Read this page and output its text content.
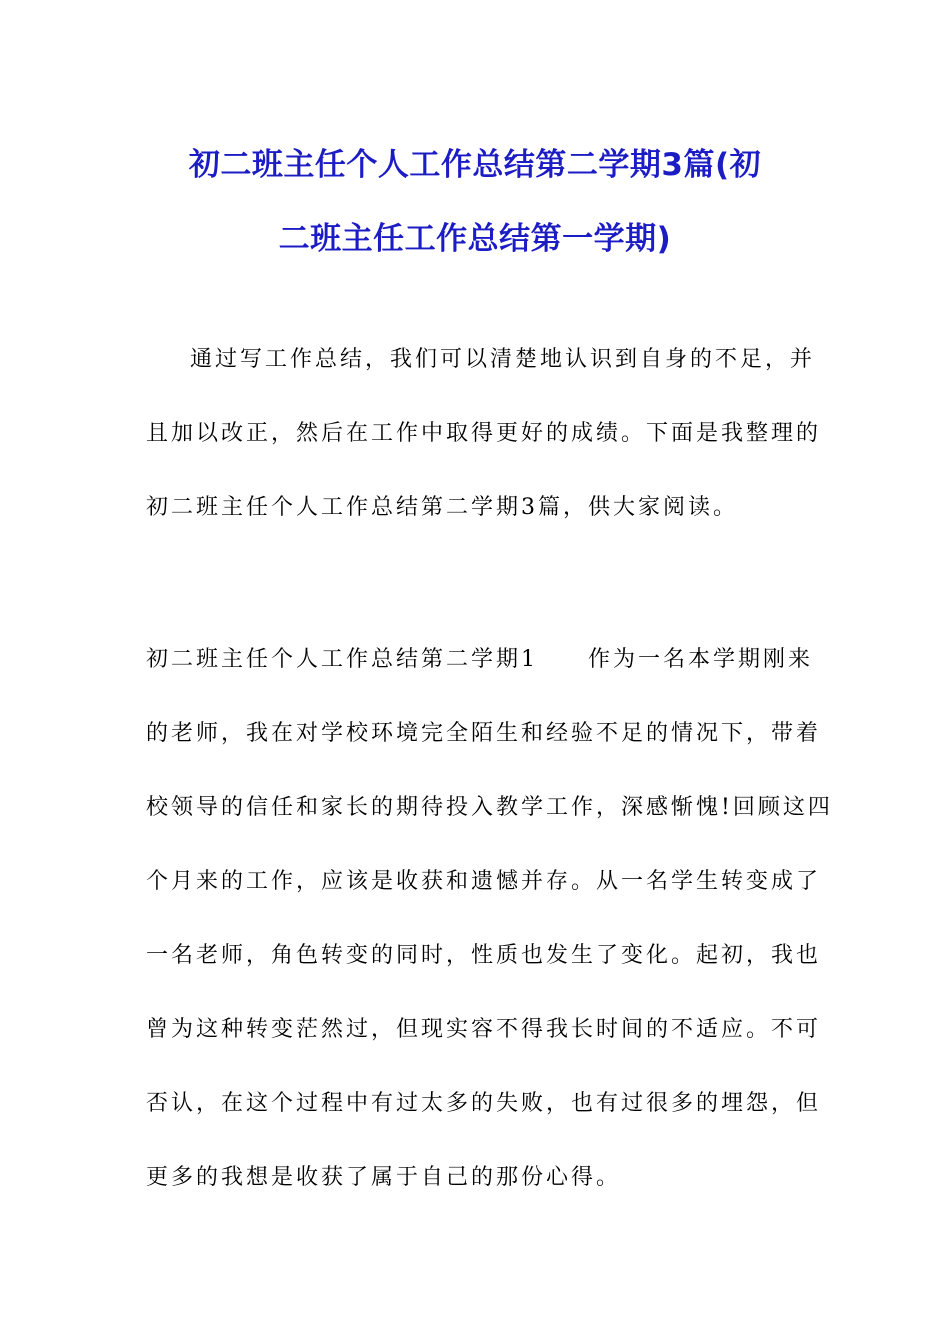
初二班主任个人工作总结第二学期3篇(初
二班主任工作总结第一学期)
通过写工作总结，我们可以清楚地认识到自身的不足，并
且加以改正，然后在工作中取得更好的成绩。下面是我整理的
初二班主任个人工作总结第二学期3篇，供大家阅读。
初二班主任个人工作总结第二学期1　　作为一名本学期刚来
的老师，我在对学校环境完全陌生和经验不足的情况下，带着
校领导的信任和家长的期待投入教学工作，深感惭愧!回顾这四
个月来的工作，应该是收获和遗憾并存。从一名学生转变成了
一名老师，角色转变的同时，性质也发生了变化。起初，我也
曾为这种转变茫然过，但现实容不得我长时间的不适应。不可
否认，在这个过程中有过太多的失败，也有过很多的埋怨，但
更多的我想是收获了属于自己的那份心得。
